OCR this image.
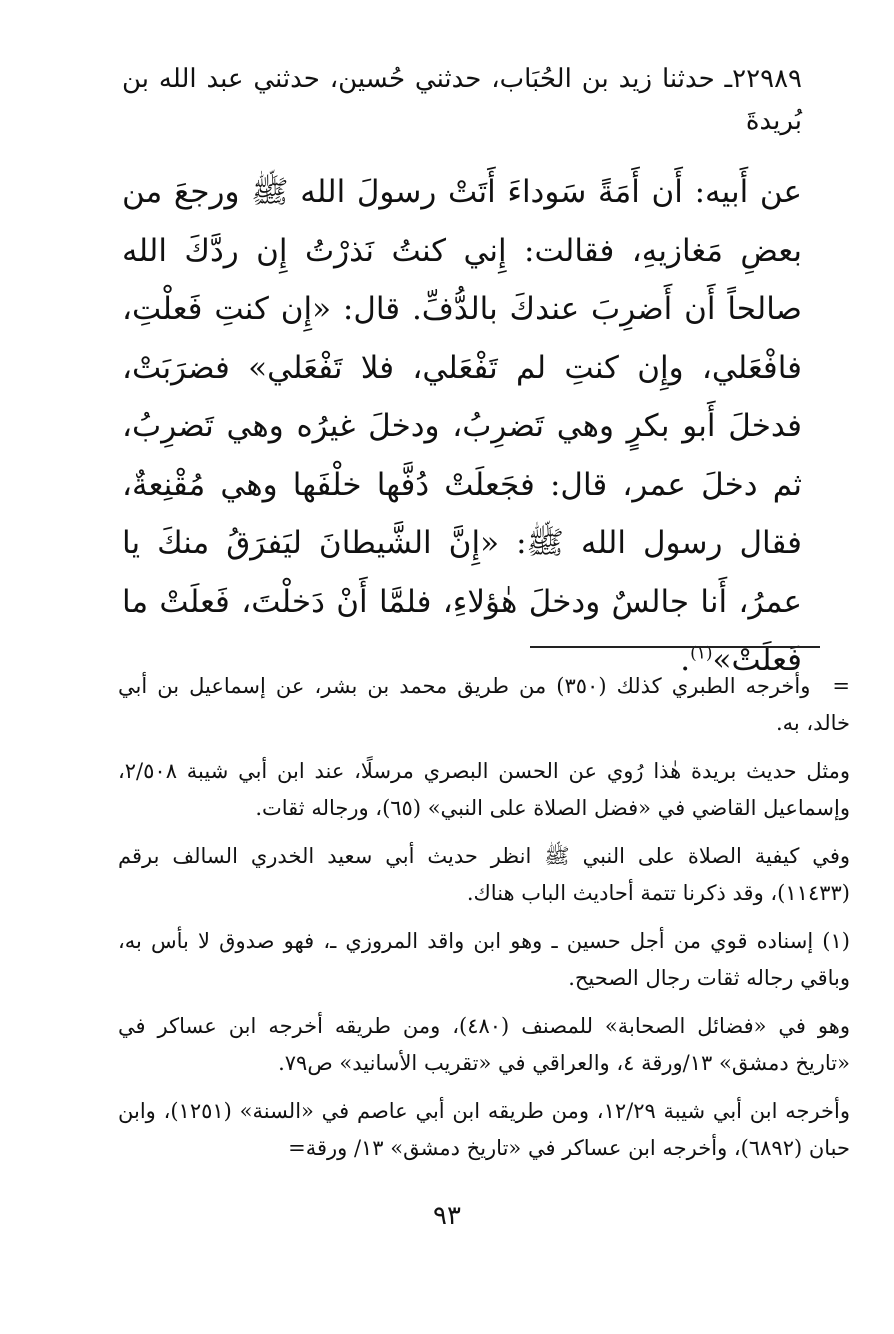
٢٢٩٨٩ـ حدثنا زيد بن الحُبَاب، حدثني حُسين، حدثني عبد الله بن بُريدةَ
عن أَبيه: أَن أَمَةً سَوداءَ أَتَتْ رسولَ الله ﷺ ورجعَ من بعضِ مَغازيهِ، فقالت: إِني كنتُ نَذرْتُ إِن ردَّكَ الله صالحاً أَن أَضرِبَ عندكَ بالدُّفِّ. قال: «إِن كنتِ فَعلْتِ، فافْعَلي، وإِن كنتِ لم تَفْعَلي، فلا تَفْعَلي» فضرَبَتْ، فدخلَ أَبو بكرٍ وهي تَضرِبُ، ودخلَ غيرُه وهي تَضرِبُ، ثم دخلَ عمر، قال: فجَعلَتْ دُفَّها خلْفَها وهي مُقْنِعةٌ، فقال رسول الله ﷺ: «إِنَّ الشَّيطانَ ليَفرَقُ منكَ يا عمرُ، أَنا جالسٌ ودخلَ هٰؤلاءِ، فلمَّا أَنْ دَخلْتَ، فَعلَتْ ما فَعلَتْ»$^{(١)}$.

=وأخرجه الطبري كذلك (٣٥٠) من طريق محمد بن بشر، عن إسماعيل بن أبي خالد، به.

ومثل حديث بريدة هٰذا رُوي عن الحسن البصري مرسلًا، عند ابن أبي شيبة ٢/٥٠٨، وإسماعيل القاضي في «فضل الصلاة على النبي» (٦٥)، ورجاله ثقات.

وفي كيفية الصلاة على النبي ﷺ انظر حديث أبي سعيد الخدري السالف برقم (١١٤٣٣)، وقد ذكرنا تتمة أحاديث الباب هناك.

(١) إسناده قوي من أجل حسين ـ وهو ابن واقد المروزي ـ، فهو صدوق لا بأس به، وباقي رجاله ثقات رجال الصحيح.

وهو في «فضائل الصحابة» للمصنف (٤٨٠)، ومن طريقه أخرجه ابن عساكر في «تاريخ دمشق» ١٣/ورقة ٤، والعراقي في «تقريب الأسانيد» ص٧٩.

وأخرجه ابن أبي شيبة ١٢/٢٩، ومن طريقه ابن أبي عاصم في «السنة» (١٢٥١)، وابن حبان (٦٨٩٢)، وأخرجه ابن عساكر في «تاريخ دمشق» ١٣/ ورقة=

٩٣
